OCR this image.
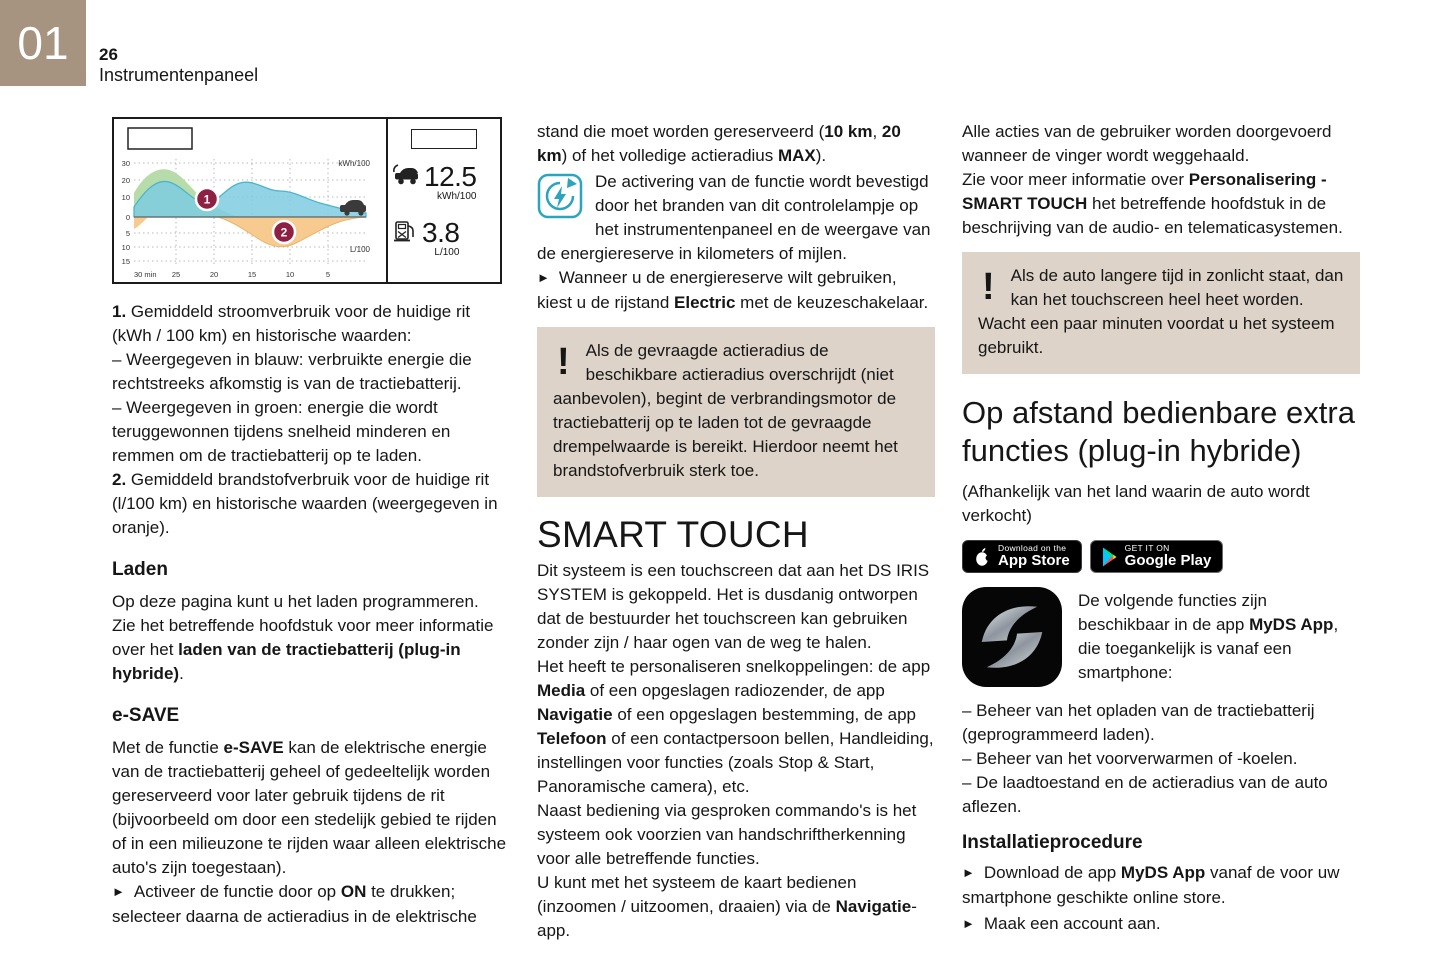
01 26
Instrumentenpaneel
1
2
30
20
10
0
5
10
15
30 min 25	20	15	10	5
kWh/100
L/100
12.5
kWh/100
3.8
L/100

1. Gemiddeld stroomverbruik voor de huidige rit (kWh / 100 km) en historische waarden:

– Weergegeven in blauw: verbruikte energie die rechtstreeks afkomstig is van de tractiebatterij.

– Weergegeven in groen: energie die wordt teruggewonnen tijdens snelheid minderen en remmen om de tractiebatterij op te laden.

2. Gemiddeld brandstofverbruik voor de huidige rit (l/100 km) en historische waarden (weergegeven in oranje).

Laden

Op deze pagina kunt u het laden programmeren.

Zie het betreffende hoofdstuk voor meer informatie over het laden van de tractiebatterij (plug-in hybride).

e-SAVE

Met de functie e-SAVE kan de elektrische energie van de tractiebatterij geheel of gedeeltelijk worden gereserveerd voor later gebruik tijdens de rit (bijvoorbeeld om door een stedelijk gebied te rijden of in een milieuzone te rijden waar alleen elektrische auto's zijn toegestaan).

► Activeer de functie door op ON te drukken; selecteer daarna de actieradius in de elektrische

stand die moet worden gereserveerd (10 km, 20 km) of het volledige actieradius MAX).

De activering van de functie wordt bevestigd door het branden van dit controlelampje op het instrumentenpaneel en de weergave van de energiereserve in kilometers of mijlen.

► Wanneer u de energiereserve wilt gebruiken, kiest u de rijstand Electric met de keuzeschakelaar.

! Als de gevraagde actieradius de beschikbare actieradius overschrijdt (niet aanbevolen), begint de verbrandingsmotor de tractiebatterij op te laden tot de gevraagde drempelwaarde is bereikt. Hierdoor neemt het brandstofverbruik sterk toe.
SMART TOUCH

Dit systeem is een touchscreen dat aan het DS IRIS SYSTEM is gekoppeld. Het is dusdanig ontworpen dat de bestuurder het touchscreen kan gebruiken zonder zijn / haar ogen van de weg te halen.

Het heeft te personaliseren snelkoppelingen: de app Media of een opgeslagen radiozender, de app Navigatie of een opgeslagen bestemming, de app Telefoon of een contactpersoon bellen, Handleiding, instellingen voor functies (zoals Stop & Start, Panoramische camera), etc.

Naast bediening via gesproken commando's is het systeem ook voorzien van handschriftherkenning voor alle betreffende functies.

U kunt met het systeem de kaart bedienen (inzoomen / uitzoomen, draaien) via de Navigatie-app.

Alle acties van de gebruiker worden doorgevoerd wanneer de vinger wordt weggehaald.

Zie voor meer informatie over Personalisering - SMART TOUCH het betreffende hoofdstuk in de beschrijving van de audio- en telematicasystemen.

! Als de auto langere tijd in zonlicht staat, dan kan het touchscreen heel heet worden. Wacht een paar minuten voordat u het systeem gebruikt.
Op afstand bedienbare extra functies (plug-in hybride)

(Afhankelijk van het land waarin de auto wordt verkocht)

Download on the
App Store
GET IT ON
Google Play

De volgende functies zijn beschikbaar in de app MyDS App, die toegankelijk is vanaf een smartphone:

– Beheer van het opladen van de tractiebatterij (geprogrammeerd laden).

– Beheer van het voorverwarmen of -koelen.

– De laadtoestand en de actieradius van de auto aflezen.

Installatieprocedure

► Download de app MyDS App vanaf de voor uw smartphone geschikte online store.

► Maak een account aan.
